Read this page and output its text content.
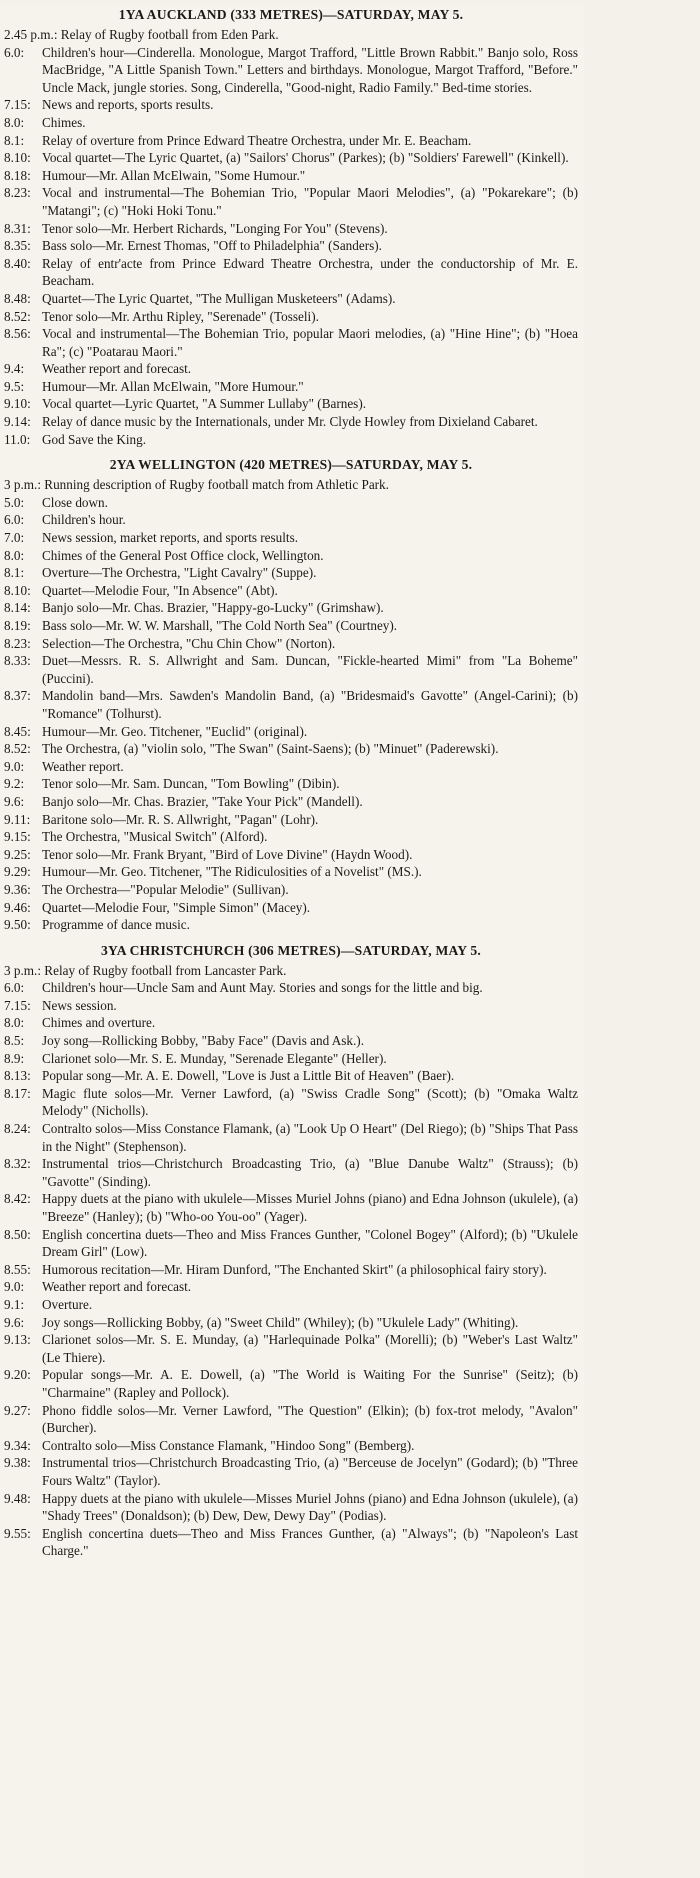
1YA AUCKLAND (333 METRES)—SATURDAY, MAY 5.
2.45 p.m.: Relay of Rugby football from Eden Park.
6.0: Children's hour—Cinderella. Monologue, Margot Trafford, "Little Brown Rabbit." Banjo solo, Ross MacBridge, "A Little Spanish Town." Letters and birthdays. Monologue, Margot Trafford, "Before." Uncle Mack, jungle stories. Song, Cinderella, "Good-night, Radio Family." Bed-time stories.
7.15: News and reports, sports results.
8.0: Chimes.
8.1: Relay of overture from Prince Edward Theatre Orchestra, under Mr. E. Beacham.
8.10: Vocal quartet—The Lyric Quartet, (a) "Sailors' Chorus" (Parkes); (b) "Soldiers' Farewell" (Kinkell).
8.18: Humour—Mr. Allan McElwain, "Some Humour."
8.23: Vocal and instrumental—The Bohemian Trio, "Popular Maori Melodies", (a) "Pokarekare"; (b) "Matangi"; (c) "Hoki Hoki Tonu."
8.31: Tenor solo—Mr. Herbert Richards, "Longing For You" (Stevens).
8.35: Bass solo—Mr. Ernest Thomas, "Off to Philadelphia" (Sanders).
8.40: Relay of entr'acte from Prince Edward Theatre Orchestra, under the conductorship of Mr. E. Beacham.
8.48: Quartet—The Lyric Quartet, "The Mulligan Musketeers" (Adams).
8.52: Tenor solo—Mr. Arthu Ripley, "Serenade" (Tosseli).
8.56: Vocal and instrumental—The Bohemian Trio, popular Maori melodies, (a) "Hine Hine"; (b) "Hoea Ra"; (c) "Poatarau Maori."
9.4: Weather report and forecast.
9.5: Humour—Mr. Allan McElwain, "More Humour."
9.10: Vocal quartet—Lyric Quartet, "A Summer Lullaby" (Barnes).
9.14: Relay of dance music by the Internationals, under Mr. Clyde Howley from Dixieland Cabaret.
11.0: God Save the King.
2YA WELLINGTON (420 METRES)—SATURDAY, MAY 5.
3 p.m.: Running description of Rugby football match from Athletic Park.
5.0: Close down.
6.0: Children's hour.
7.0: News session, market reports, and sports results.
8.0: Chimes of the General Post Office clock, Wellington.
8.1: Overture—The Orchestra, "Light Cavalry" (Suppe).
8.10: Quartet—Melodie Four, "In Absence" (Abt).
8.14: Banjo solo—Mr. Chas. Brazier, "Happy-go-Lucky" (Grimshaw).
8.19: Bass solo—Mr. W. W. Marshall, "The Cold North Sea" (Courtney).
8.23: Selection—The Orchestra, "Chu Chin Chow" (Norton).
8.33: Duet—Messrs. R. S. Allwright and Sam. Duncan, "Fickle-hearted Mimi" from "La Boheme" (Puccini).
8.37: Mandolin band—Mrs. Sawden's Mandolin Band, (a) "Bridesmaid's Gavotte" (Angel-Carini); (b) "Romance" (Tolhurst).
8.45: Humour—Mr. Geo. Titchener, "Euclid" (original).
8.52: The Orchestra, (a) "violin solo, "The Swan" (Saint-Saens); (b) "Minuet" (Paderewski).
9.0: Weather report.
9.2: Tenor solo—Mr. Sam. Duncan, "Tom Bowling" (Dibin).
9.6: Banjo solo—Mr. Chas. Brazier, "Take Your Pick" (Mandell).
9.11: Baritone solo—Mr. R. S. Allwright, "Pagan" (Lohr).
9.15: The Orchestra, "Musical Switch" (Alford).
9.25: Tenor solo—Mr. Frank Bryant, "Bird of Love Divine" (Haydn Wood).
9.29: Humour—Mr. Geo. Titchener, "The Ridiculosities of a Novelist" (MS.).
9.36: The Orchestra—"Popular Melodie" (Sullivan).
9.46: Quartet—Melodie Four, "Simple Simon" (Macey).
9.50: Programme of dance music.
3YA CHRISTCHURCH (306 METRES)—SATURDAY, MAY 5.
3 p.m.: Relay of Rugby football from Lancaster Park.
6.0: Children's hour—Uncle Sam and Aunt May. Stories and songs for the little and big.
7.15: News session.
8.0: Chimes and overture.
8.5: Joy song—Rollicking Bobby, "Baby Face" (Davis and Ask.).
8.9: Clarionet solo—Mr. S. E. Munday, "Serenade Elegante" (Heller).
8.13: Popular song—Mr. A. E. Dowell, "Love is Just a Little Bit of Heaven" (Baer).
8.17: Magic flute solos—Mr. Verner Lawford, (a) "Swiss Cradle Song" (Scott); (b) "Omaka Waltz Melody" (Nicholls).
8.24: Contralto solos—Miss Constance Flamank, (a) "Look Up O Heart" (Del Riego); (b) "Ships That Pass in the Night" (Stephenson).
8.32: Instrumental trios—Christchurch Broadcasting Trio, (a) "Blue Danube Waltz" (Strauss); (b) "Gavotte" (Sinding).
8.42: Happy duets at the piano with ukulele—Misses Muriel Johns (piano) and Edna Johnson (ukulele), (a) "Breeze" (Hanley); (b) "Who-oo You-oo" (Yager).
8.50: English concertina duets—Theo and Miss Frances Gunther, "Colonel Bogey" (Alford); (b) "Ukulele Dream Girl" (Low).
8.55: Humorous recitation—Mr. Hiram Dunford, "The Enchanted Skirt" (a philosophical fairy story).
9.0: Weather report and forecast.
9.1: Overture.
9.6: Joy songs—Rollicking Bobby, (a) "Sweet Child" (Whiley); (b) "Ukulele Lady" (Whiting).
9.13: Clarionet solos—Mr. S. E. Munday, (a) "Harlequinade Polka" (Morelli); (b) "Weber's Last Waltz" (Le Thiere).
9.20: Popular songs—Mr. A. E. Dowell, (a) "The World is Waiting For the Sunrise" (Seitz); (b) "Charmaine" (Rapley and Pollock).
9.27: Phono fiddle solos—Mr. Verner Lawford, "The Question" (Elkin); (b) fox-trot melody, "Avalon" (Burcher).
9.34: Contralto solo—Miss Constance Flamank, "Hindoo Song" (Bemberg).
9.38: Instrumental trios—Christchurch Broadcasting Trio, (a) "Berceuse de Jocelyn" (Godard); (b) "Three Fours Waltz" (Taylor).
9.48: Happy duets at the piano with ukulele—Misses Muriel Johns (piano) and Edna Johnson (ukulele), (a) "Shady Trees" (Donaldson); (b) Dew, Dew, Dewy Day" (Podias).
9.55: English concertina duets—Theo and Miss Frances Gunther, (a) "Always"; (b) "Napoleon's Last Charge."
